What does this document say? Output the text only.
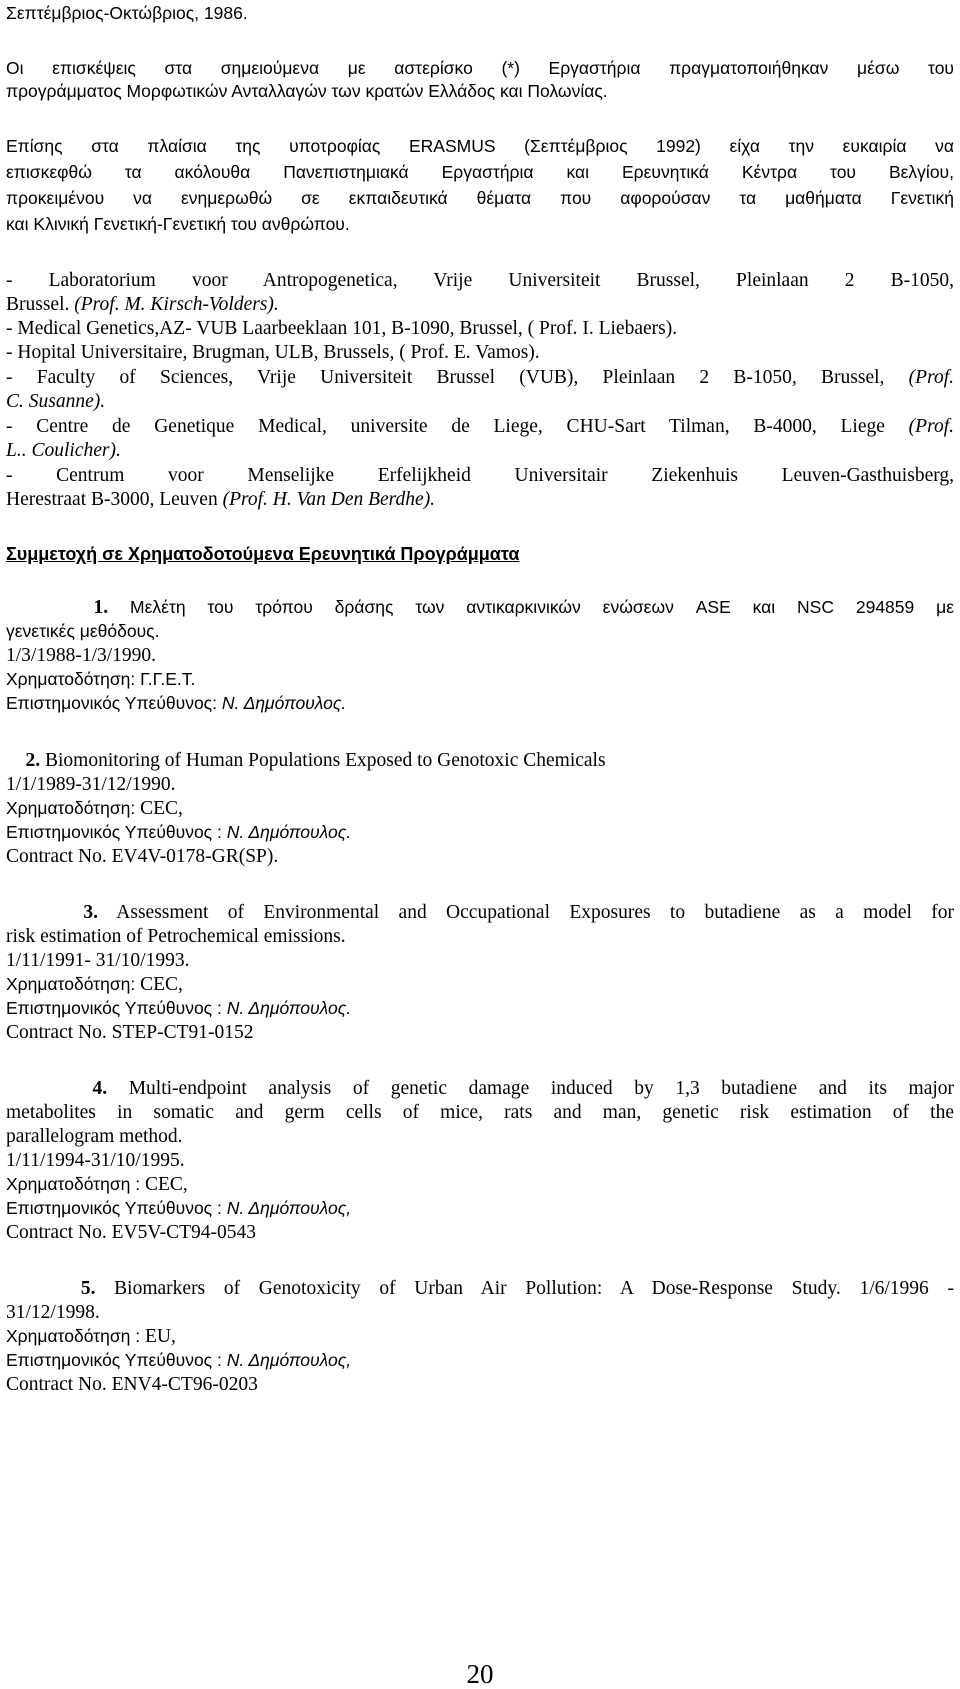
Σεπτέμβριος-Οκτώβριος, 1986.

Οι επισκέψεις στα σημειούμενα με αστερίσκο (*) Εργαστήρια πραγματοποιήθηκαν μέσω του

προγράμματος Μορφωτικών Ανταλλαγών των κρατών Ελλάδος και Πολωνίας.

Επίσης στα πλαίσια της υποτροφίας ERASMUS (Σεπτέμβριος 1992) είχα την ευκαιρία να

επισκεφθώ τα ακόλουθα Πανεπιστημιακά Εργαστήρια και Ερευνητικά Κέντρα του Βελγίου,

προκειμένου να ενημερωθώ σε εκπαιδευτικά θέματα που αφορούσαν τα μαθήματα Γενετική

και Κλινική Γενετική-Γενετική του ανθρώπου.

- Laboratorium voor Antropogenetica, Vrije Universiteit Brussel, Pleinlaan 2 B-1050,

Brussel. (Prof. M. Kirsch-Volders).

- Medical Genetics,AZ- VUB Laarbeeklaan 101, B-1090, Brussel, ( Prof. I. Liebaers).

- Hopital Universitaire, Brugman, ULB, Brussels, ( Prof. E. Vamos).

- Faculty of Sciences, Vrije Universiteit Brussel (VUB), Pleinlaan 2 B-1050, Brussel, (Prof.

C. Susanne).

- Centre de Genetique Medical, universite de Liege, CHU-Sart Tilman, B-4000, Liege (Prof.

L.. Coulicher).

- Centrum voor Menselijke Erfelijkheid Universitair Ziekenhuis Leuven-Gasthuisberg,

Herestraat B-3000, Leuven (Prof. H. Van Den Berdhe).

Συμμετοχή σε Χρηματοδοτούμενα Ερευνητικά Προγράμματα

1. Μελέτη του τρόπου δράσης των αντικαρκινικών ενώσεων ASE και NSC 294859 με

γενετικές μεθόδους.

1/3/1988-1/3/1990.

Χρηματοδότηση: Γ.Γ.Ε.Τ.

Επιστημονικός Υπεύθυνος: Ν. Δημόπουλος.

2. Biomonitoring of Human Populations Exposed to Genotoxic Chemicals

1/1/1989-31/12/1990.

Χρηματοδότηση: CEC,

Επιστημονικός Υπεύθυνος : Ν. Δημόπουλος.

Contract No. EV4V-0178-GR(SP).

3. Assessment of Environmental and Occupational Exposures to butadiene as a model for

risk estimation of Petrochemical emissions.

1/11/1991- 31/10/1993.

Χρηματοδότηση: CEC,

Επιστημονικός Υπεύθυνος : Ν. Δημόπουλος.

Contract No. STEP-CT91-0152

4. Multi-endpoint analysis of genetic damage induced by 1,3 butadiene and its major

metabolites in somatic and germ cells of mice, rats and man, genetic risk estimation of the

parallelogram method.

1/11/1994-31/10/1995.

Χρηματοδότηση : CEC,

Επιστημονικός Υπεύθυνος : Ν. Δημόπουλος,

Contract No. EV5V-CT94-0543

5. Biomarkers of Genotoxicity of Urban Air Pollution: A Dose-Response Study. 1/6/1996 -

31/12/1998.

Χρηματοδότηση : EU,

Επιστημονικός Υπεύθυνος : Ν. Δημόπουλος,

Contract No. ENV4-CT96-0203

20
